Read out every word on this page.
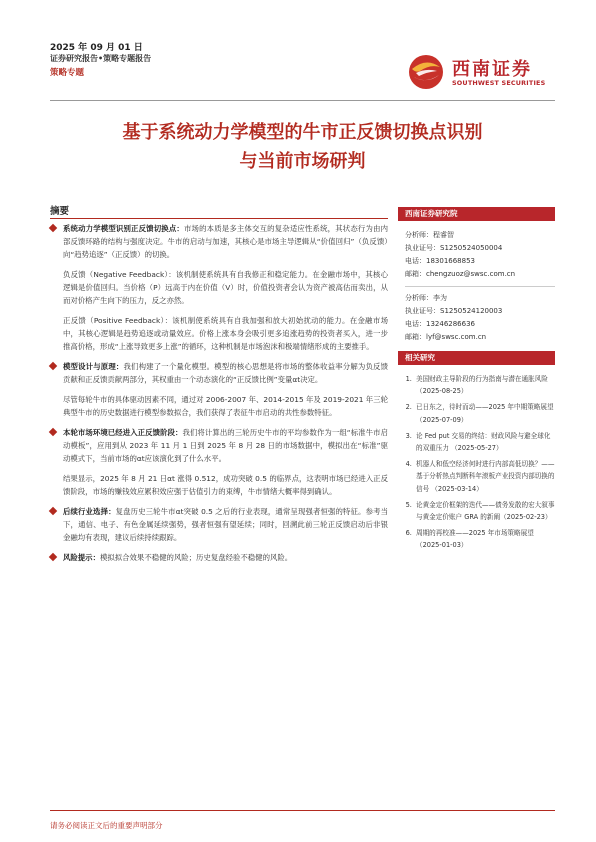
2025 年 09 月 01 日
证券研究报告•策略专题报告
策略专题	西南证券
SOUTHWEST SECURITIES
基于系统动力学模型的牛市正反馈切换点识别
与当前市场研判
摘要

系统动力学模型识别正反馈切换点：市场的本质是多主体交互的复杂适应性系统，其状态行为由内部反馈环路的结构与强度决定。牛市的启动与加速，其核心是市场主导逻辑从“价值回归”（负反馈）向“趋势追逐”（正反馈）的切换。

负反馈（Negative Feedback）：该机制使系统具有自我修正和稳定能力。在金融市场中，其核心逻辑是价值回归。当价格（P）远高于内在价值（V）时，价值投资者会认为资产被高估而卖出，从而对价格产生向下的压力，反之亦然。

正反馈（Positive Feedback）：该机制使系统具有自我加强和放大初始扰动的能力。在金融市场中，其核心逻辑是趋势追逐或动量效应。价格上涨本身会吸引更多追涨趋势的投资者买入，进一步推高价格，形成“上涨导致更多上涨”的循环，这种机制是市场泡沫和极端情绪形成的主要推手。

模型设计与原理：我们构建了一个量化模型。模型的核心思想是将市场的整体收益率分解为负反馈贡献和正反馈贡献两部分，其权重由一个动态演化的“正反馈比例”变量αt决定。

尽管每轮牛市的具体驱动因素不同，通过对 2006-2007 年、2014-2015 年及 2019-2021 年三轮典型牛市的历史数据进行模型参数拟合，我们获得了表征牛市启动的共性参数特征。

本轮市场环境已经进入正反馈阶段：我们将计算出的三轮历史牛市的平均参数作为一组“标准牛市启动模板”，应用到从 2023 年 11 月 1 日到 2025 年 8 月 28 日的市场数据中，模拟出在“标准”驱动模式下，当前市场的αt应该演化到了什么水平。

结果显示，2025 年 8 月 21 日αt 涨得 0.512，成功突破 0.5 的临界点，这表明市场已经进入正反馈阶段，市场的赚钱效应累积效应强于估值引力的束缚，牛市情绪大概率得到确认。

后续行业选择：复盘历史三轮牛市αt突破 0.5 之后的行业表现，通常呈现强者恒强的特征。参考当下，通信、电子、有色金属延续强势，强者恒强有望延续；同时，回溯此前三轮正反馈启动后非银金融均有表现，建议后续持续跟踪。

风险提示：模拟拟合效果不稳健的风险；历史复盘经验不稳健的风险。

西南证券研究院
分析师：程睿智
执业证号：S1250524050004
电话：18301668853
邮箱：chengzuoz@swsc.com.cn
分析师：李为
执业证号：S1250524120003
电话：13246286636
邮箱：lyf@swsc.com.cn
相关研究
1. 美国财政主导阶段的行为指南与潜在通胀风险 （2025-08-25）
2. 已日东之，待时而动——2025 年中期策略展望 （2025-07-09）
3. 论 Fed put 交易的终结：财政风险与避全球化的双重压力 （2025-05-27）
4. 机器人和低空经济何时进行内部高低切换？——基于分析热点判断科年滚板产业投资内部切换的信号 （2025-03-14）
5. 论黄金定价框架的迭代——债务发散的宏大叙事与黄金定价账户 GRA 的新阐（2025-02-23）
6. 周期的再校准——2025 年市场策略展望 （2025-01-03）
请务必阅读正文后的重要声明部分
